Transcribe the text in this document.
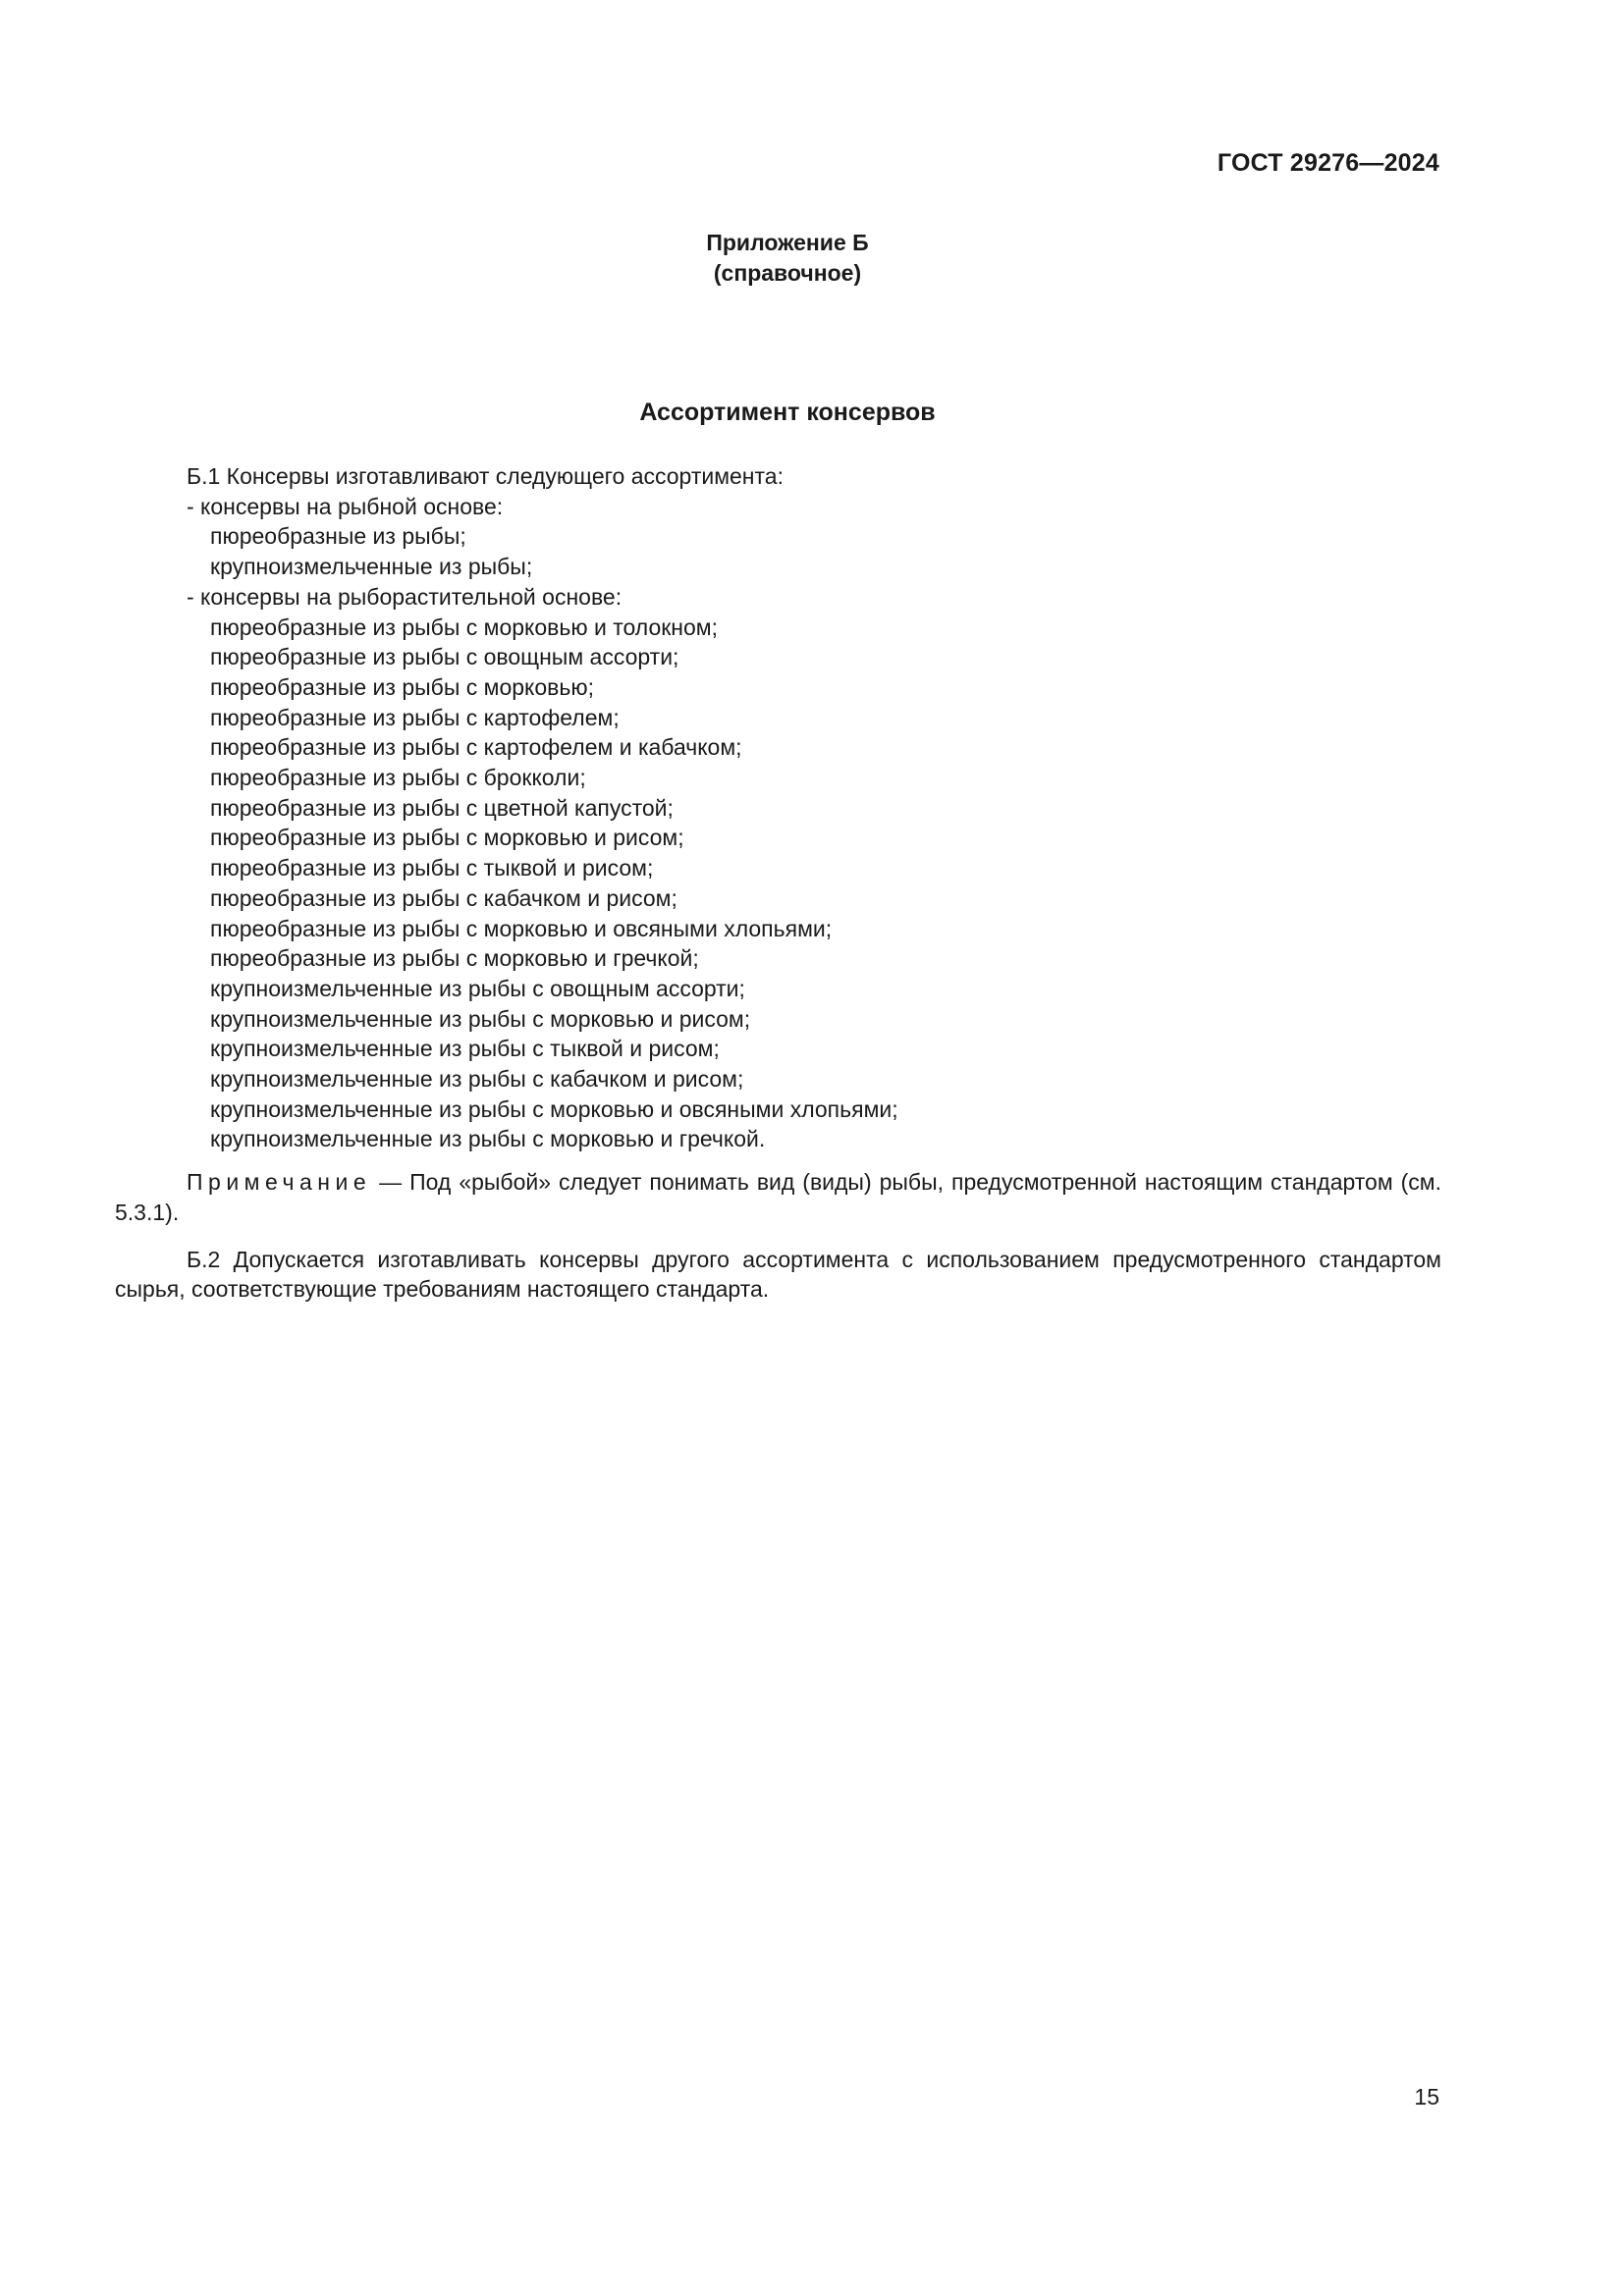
ГОСТ 29276—2024
Приложение Б
(справочное)
Ассортимент консервов

Б.1 Консервы изготавливают следующего ассортимента:

- консервы на рыбной основе:

пюреобразные из рыбы;

крупноизмельченные из рыбы;

- консервы на рыборастительной основе:

пюреобразные из рыбы с морковью и толокном;

пюреобразные из рыбы с овощным ассорти;

пюреобразные из рыбы с морковью;

пюреобразные из рыбы с картофелем;

пюреобразные из рыбы с картофелем и кабачком;

пюреобразные из рыбы с брокколи;

пюреобразные из рыбы с цветной капустой;

пюреобразные из рыбы с морковью и рисом;

пюреобразные из рыбы с тыквой и рисом;

пюреобразные из рыбы с кабачком и рисом;

пюреобразные из рыбы с морковью и овсяными хлопьями;

пюреобразные из рыбы с морковью и гречкой;

крупноизмельченные из рыбы с овощным ассорти;

крупноизмельченные из рыбы с морковью и рисом;

крупноизмельченные из рыбы с тыквой и рисом;

крупноизмельченные из рыбы с кабачком и рисом;

крупноизмельченные из рыбы с морковью и овсяными хлопьями;

крупноизмельченные из рыбы с морковью и гречкой.

Примечание — Под «рыбой» следует понимать вид (виды) рыбы, предусмотренной настоящим стандартом (см. 5.3.1).

Б.2 Допускается изготавливать консервы другого ассортимента с использованием предусмотренного стандартом сырья, соответствующие требованиям настоящего стандарта.

15
